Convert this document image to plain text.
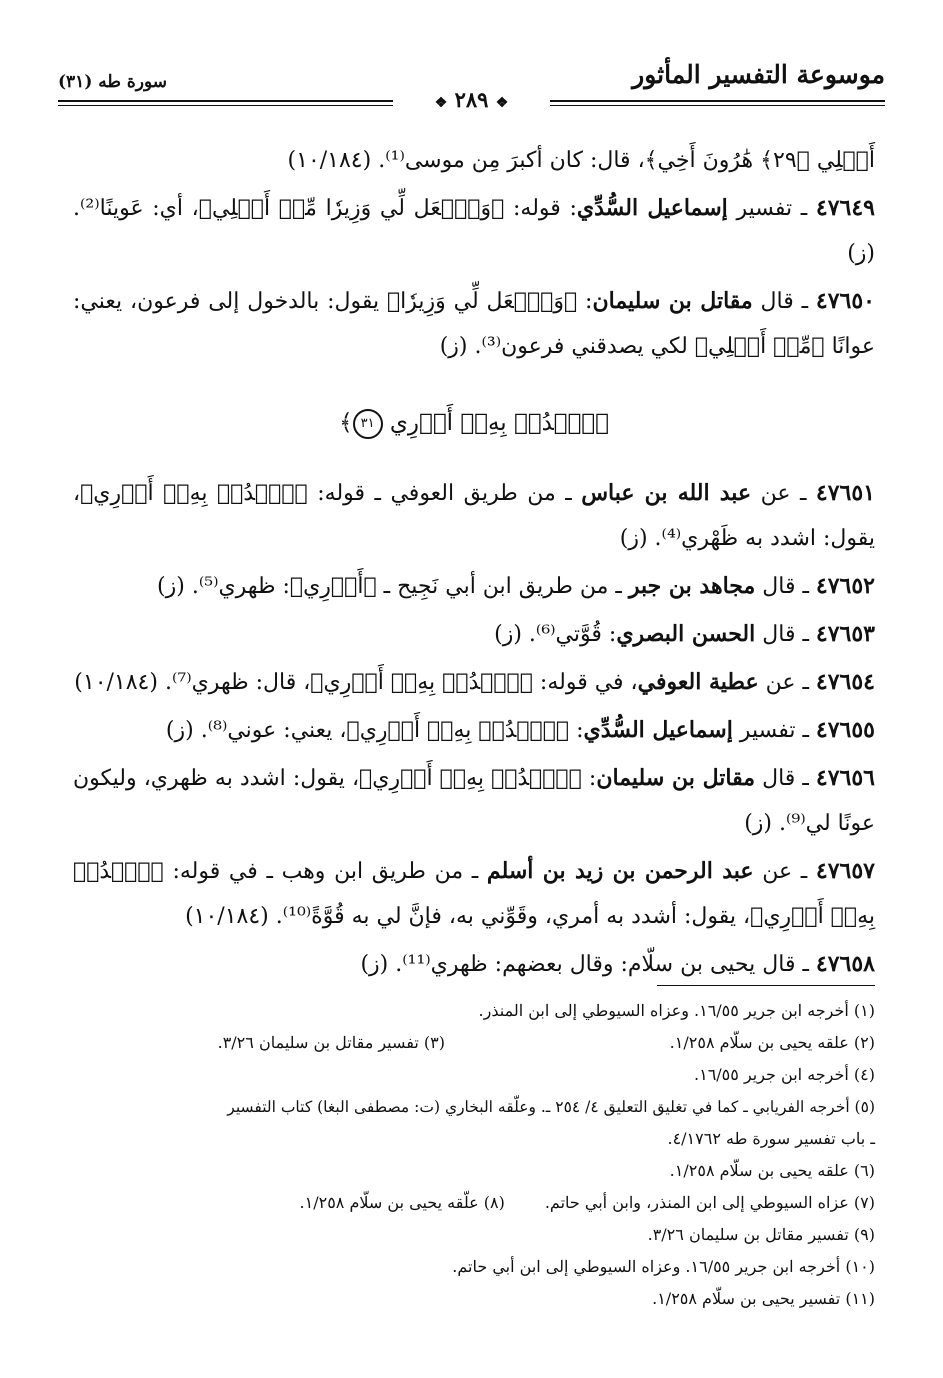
موسوعة التفسير المأثور
سورة طه (٣١)
❖ ٢٨٩ ❖

أَهۡلِي ﴿٢٩﴾ هَٰرُونَ أَخِي﴾، قال: كان أكبرَ مِن موسى⁽¹⁾. (١٠/١٨٤)

٤٧٦٤٩ ـ تفسير إسماعيل السُّدِّي: قوله: ﴿وَٱجۡعَل لِّي وَزِيرٗا مِّنۡ أَهۡلِي﴾، أي: عَوينًا⁽²⁾. (ز)

٤٧٦٥٠ ـ قال مقاتل بن سليمان: ﴿وَٱجۡعَل لِّي وَزِيرٗا﴾ يقول: بالدخول إلى فرعون، يعني: عوانًا ﴿مِّنۡ أَهۡلِي﴾ لكي يصدقني فرعون⁽³⁾. (ز)

﴿ٱشۡدُدۡ بِهِۦٓ أَزۡرِي ٣١﴾

٤٧٦٥١ ـ عن عبد الله بن عباس ـ من طريق العوفي ـ قوله: ﴿ٱشۡدُدۡ بِهِۦٓ أَزۡرِي﴾، يقول: اشدد به ظَهْري⁽⁴⁾. (ز)

٤٧٦٥٢ ـ قال مجاهد بن جبر ـ من طريق ابن أبي نَجِيح ـ ﴿أَزۡرِي﴾: ظهري⁽⁵⁾. (ز)

٤٧٦٥٣ ـ قال الحسن البصري: قُوَّتي⁽⁶⁾. (ز)

٤٧٦٥٤ ـ عن عطية العوفي، في قوله: ﴿ٱشۡدُدۡ بِهِۦٓ أَزۡرِي﴾، قال: ظهري⁽⁷⁾. (١٠/١٨٤)

٤٧٦٥٥ ـ تفسير إسماعيل السُّدِّي: ﴿ٱشۡدُدۡ بِهِۦٓ أَزۡرِي﴾، يعني: عوني⁽⁸⁾. (ز)

٤٧٦٥٦ ـ قال مقاتل بن سليمان: ﴿ٱشۡدُدۡ بِهِۦٓ أَزۡرِي﴾، يقول: اشدد به ظهري، وليكون عونًا لي⁽⁹⁾. (ز)

٤٧٦٥٧ ـ عن عبد الرحمن بن زيد بن أسلم ـ من طريق ابن وهب ـ في قوله: ﴿ٱشۡدُدۡ بِهِۦٓ أَزۡرِي﴾، يقول: أشدد به أمري، وقَوِّني به، فإنَّ لي به قُوَّةً⁽¹⁰⁾. (١٠/١٨٤)

٤٧٦٥٨ ـ قال يحيى بن سلّام: وقال بعضهم: ظهري⁽¹¹⁾. (ز)

(١) أخرجه ابن جرير ١٦/٥٥. وعزاه السيوطي إلى ابن المنذر.
(٢) علقه يحيى بن سلّام ١/٢٥٨.
(٣) تفسير مقاتل بن سليمان ٣/٢٦.
(٤) أخرجه ابن جرير ١٦/٥٥.
(٥) أخرجه الفريابي ـ كما في تغليق التعليق ٤/ ٢٥٤ ـ. وعلّقه البخاري (ت: مصطفى البغا) كتاب التفسير
ـ باب تفسير سورة طه ٤/١٧٦٢.
(٦) علقه يحيى بن سلّام ١/٢٥٨.
(٧) عزاه السيوطي إلى ابن المنذر، وابن أبي حاتم.
(٨) علّقه يحيى بن سلّام ١/٢٥٨.
(٩) تفسير مقاتل بن سليمان ٣/٢٦.
(١٠) أخرجه ابن جرير ١٦/٥٥. وعزاه السيوطي إلى ابن أبي حاتم.
(١١) تفسير يحيى بن سلّام ١/٢٥٨.
